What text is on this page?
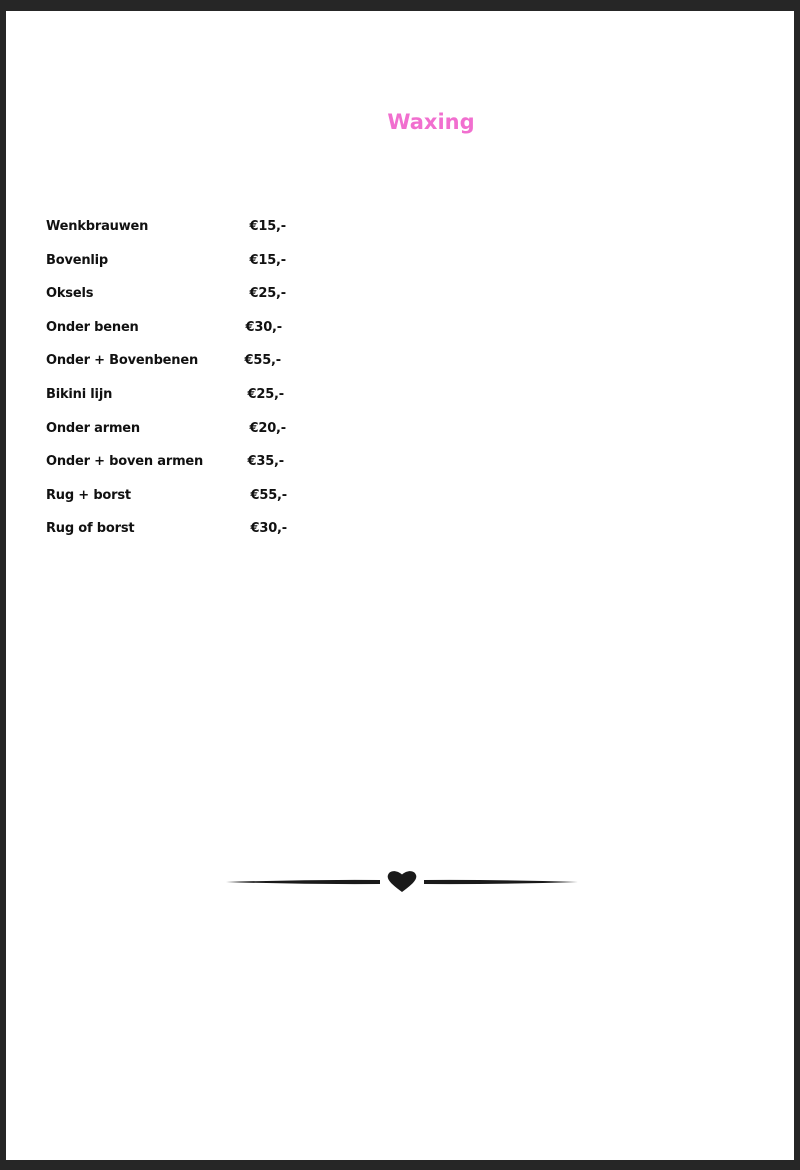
Waxing
Wenkbrauwen	€15,-
Bovenlip	€15,-
Oksels	€25,-
Onder benen	€30,-
Onder + Bovenbenen	€55,-
Bikini lijn	€25,-
Onder armen	€20,-
Onder + boven armen	€35,-
Rug + borst	€55,-
Rug of borst	€30,-
